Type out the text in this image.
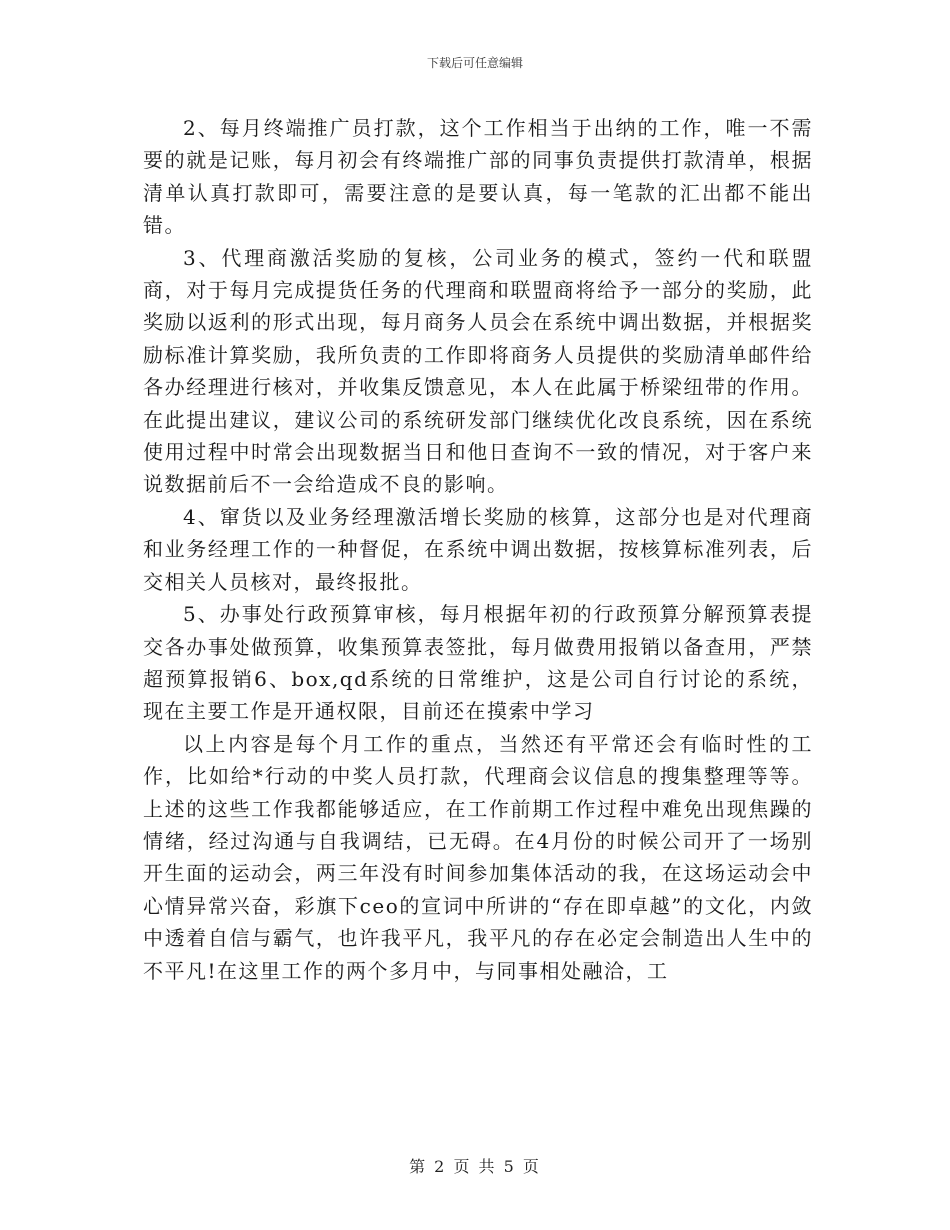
下载后可任意编辑

2、每月终端推广员打款，这个工作相当于出纳的工作，唯一不需要的就是记账，每月初会有终端推广部的同事负责提供打款清单，根据清单认真打款即可，需要注意的是要认真，每一笔款的汇出都不能出错。

3、代理商激活奖励的复核，公司业务的模式，签约一代和联盟商，对于每月完成提货任务的代理商和联盟商将给予一部分的奖励，此奖励以返利的形式出现，每月商务人员会在系统中调出数据，并根据奖励标准计算奖励，我所负责的工作即将商务人员提供的奖励清单邮件给各办经理进行核对，并收集反馈意见，本人在此属于桥梁纽带的作用。在此提出建议，建议公司的系统研发部门继续优化改良系统，因在系统使用过程中时常会出现数据当日和他日查询不一致的情况，对于客户来说数据前后不一会给造成不良的影响。

4、窜货以及业务经理激活增长奖励的核算，这部分也是对代理商和业务经理工作的一种督促，在系统中调出数据，按核算标准列表，后交相关人员核对，最终报批。

5、办事处行政预算审核，每月根据年初的行政预算分解预算表提交各办事处做预算，收集预算表签批，每月做费用报销以备查用，严禁超预算报销6、box,qd系统的日常维护，这是公司自行讨论的系统，现在主要工作是开通权限，目前还在摸索中学习

以上内容是每个月工作的重点，当然还有平常还会有临时性的工作，比如给*行动的中奖人员打款，代理商会议信息的搜集整理等等。上述的这些工作我都能够适应，在工作前期工作过程中难免出现焦躁的情绪，经过沟通与自我调结，已无碍。在4月份的时候公司开了一场别开生面的运动会，两三年没有时间参加集体活动的我，在这场运动会中心情异常兴奋，彩旗下ceo的宣词中所讲的“存在即卓越”的文化，内敛中透着自信与霸气，也许我平凡，我平凡的存在必定会制造出人生中的不平凡!在这里工作的两个多月中，与同事相处融洽，工

第 2 页 共 5 页
